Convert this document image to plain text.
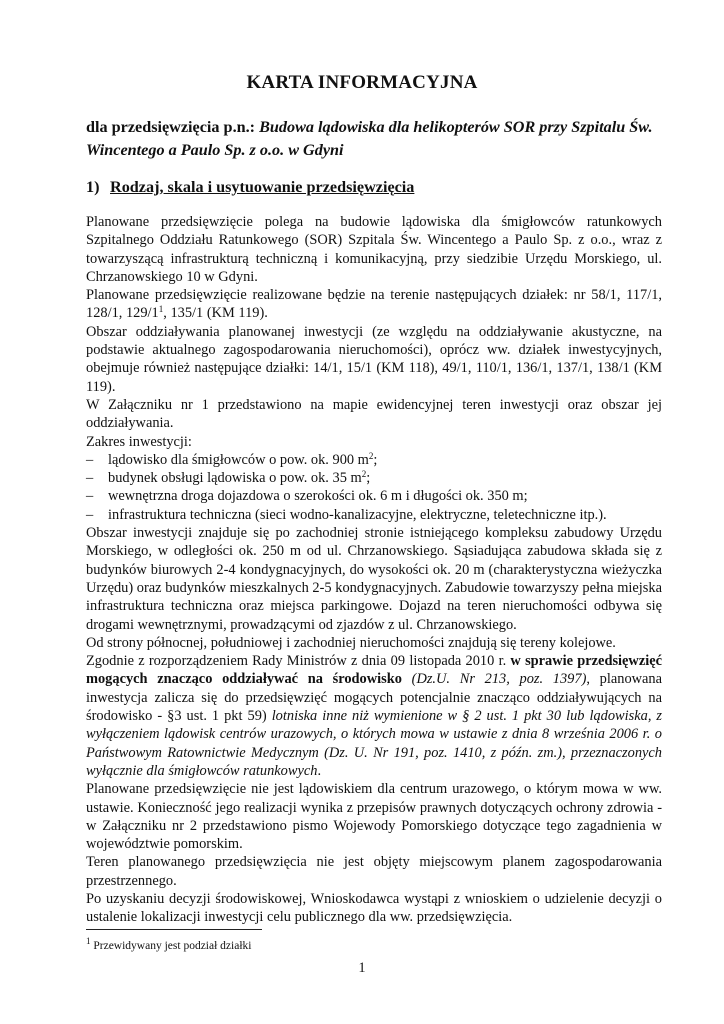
KARTA INFORMACYJNA
dla przedsięwzięcia p.n.: Budowa lądowiska dla helikopterów SOR przy Szpitalu Św. Wincentego a Paulo Sp. z o.o. w Gdyni
1) Rodzaj, skala i usytuowanie przedsięwzięcia

Planowane przedsięwzięcie polega na budowie lądowiska dla śmigłowców ratunkowych Szpitalnego Oddziału Ratunkowego (SOR) Szpitala Św. Wincentego a Paulo Sp. z o.o., wraz z towarzyszącą infrastrukturą techniczną i komunikacyjną, przy siedzibie Urzędu Morskiego, ul. Chrzanowskiego 10 w Gdyni.

Planowane przedsięwzięcie realizowane będzie na terenie następujących działek: nr 58/1, 117/1, 128/1, $129/1^1$, 135/1 (KM 119).

Obszar oddziaływania planowanej inwestycji (ze względu na oddziaływanie akustyczne, na podstawie aktualnego zagospodarowania nieruchomości), oprócz ww. działek inwestycyjnych, obejmuje również następujące działki: 14/1, 15/1 (KM 118), 49/1, 110/1, 136/1, 137/1, 138/1 (KM 119).

W Załączniku nr 1 przedstawiono na mapie ewidencyjnej teren inwestycji oraz obszar jej oddziaływania.

Zakres inwestycji:

–	lądowisko dla śmigłowców o pow. ok. 900 $m^2$;
–	budynek obsługi lądowiska o pow. ok. 35 $m^2$;
–	wewnętrzna droga dojazdowa o szerokości ok. 6 m i długości ok. 350 m;
–	infrastruktura techniczna (sieci wodno-kanalizacyjne, elektryczne, teletechniczne itp.).

Obszar inwestycji znajduje się po zachodniej stronie istniejącego kompleksu zabudowy Urzędu Morskiego, w odległości ok. 250 m od ul. Chrzanowskiego. Sąsiadująca zabudowa składa się z budynków biurowych 2-4 kondygnacyjnych, do wysokości ok. 20 m (charakterystyczna wieżyczka Urzędu) oraz budynków mieszkalnych 2-5 kondygnacyjnych. Zabudowie towarzyszy pełna miejska infrastruktura techniczna oraz miejsca parkingowe. Dojazd na teren nieruchomości odbywa się drogami wewnętrznymi, prowadzącymi od zjazdów z ul. Chrzanowskiego.

Od strony północnej, południowej i zachodniej nieruchomości znajdują się tereny kolejowe.

Zgodnie z rozporządzeniem Rady Ministrów z dnia 09 listopada 2010 r. w sprawie przedsięwzięć mogących znacząco oddziaływać na środowisko (Dz.U. Nr 213, poz. 1397), planowana inwestycja zalicza się do przedsięwzięć mogących potencjalnie znacząco oddziaływujących na środowisko - §3 ust. 1 pkt 59) lotniska inne niż wymienione w § 2 ust. 1 pkt 30 lub lądowiska, z wyłączeniem lądowisk centrów urazowych, o których mowa w ustawie z dnia 8 września 2006 r. o Państwowym Ratownictwie Medycznym (Dz. U. Nr 191, poz. 1410, z późn. zm.), przeznaczonych wyłącznie dla śmigłowców ratunkowych.

Planowane przedsięwzięcie nie jest lądowiskiem dla centrum urazowego, o którym mowa w ww. ustawie. Konieczność jego realizacji wynika z przepisów prawnych dotyczących ochrony zdrowia - w Załączniku nr 2 przedstawiono pismo Wojewody Pomorskiego dotyczące tego zagadnienia w województwie pomorskim.

Teren planowanego przedsięwzięcia nie jest objęty miejscowym planem zagospodarowania przestrzennego.

Po uzyskaniu decyzji środowiskowej, Wnioskodawca wystąpi z wnioskiem o udzielenie decyzji o ustalenie lokalizacji inwestycji celu publicznego dla ww. przedsięwzięcia.

$^1$ Przewidywany jest podział działki
1
